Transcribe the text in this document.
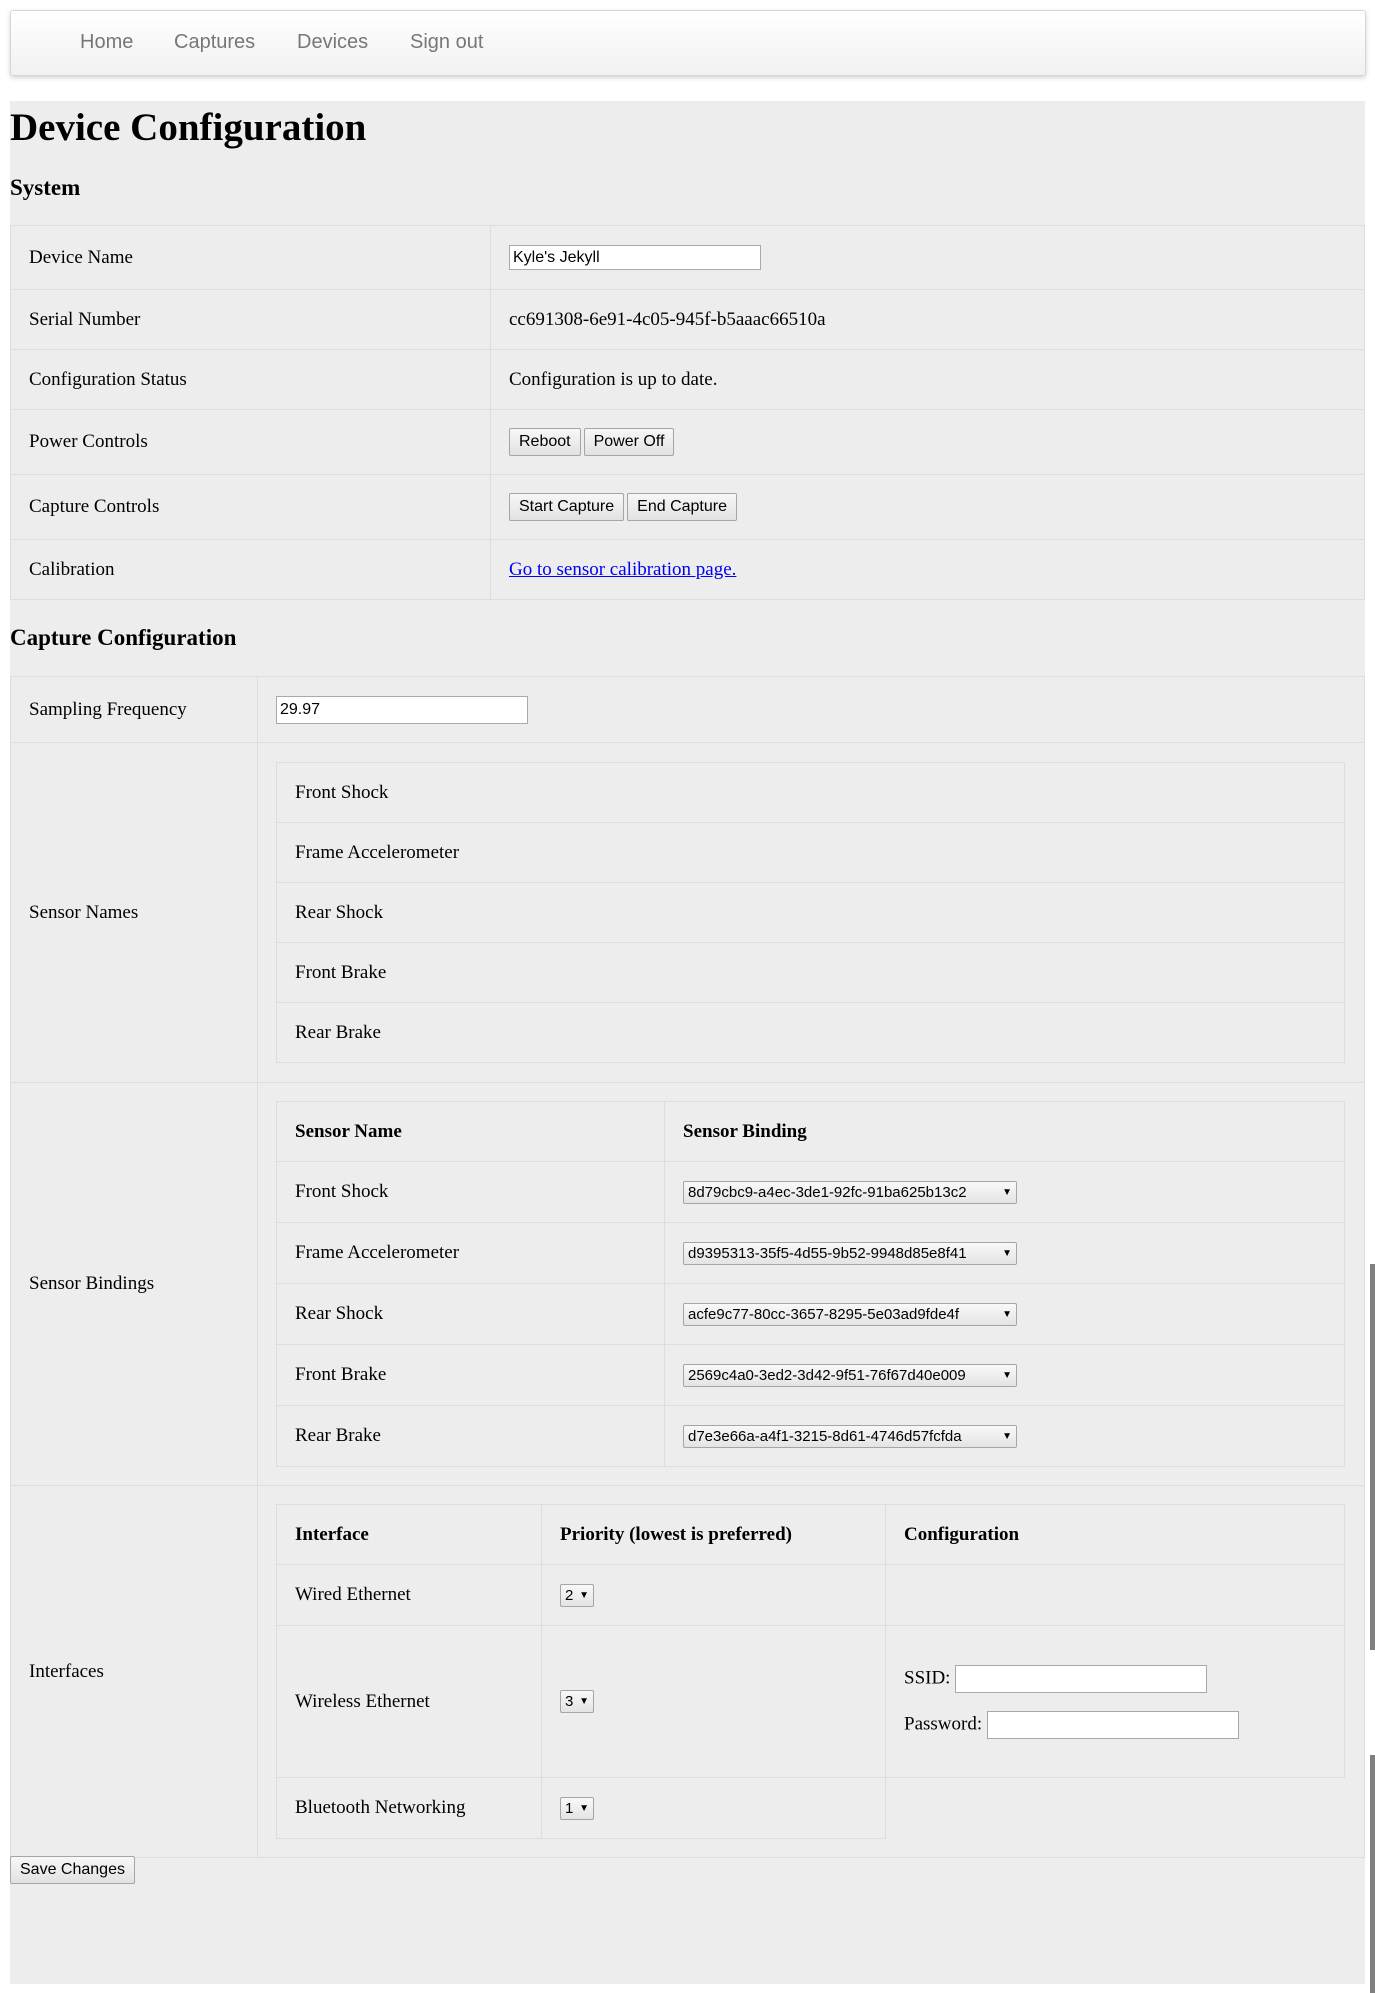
Home Captures Devices Sign out
Device Configuration
System
Device Name	Kyle's Jekyll
Serial Number	cc691308-6e91-4c05-945f-b5aaac66510a
Configuration Status	Configuration is up to date.
Power Controls	Reboot Power Off
Capture Controls	Start Capture End Capture
Calibration	Go to sensor calibration page.
Capture Configuration
Sampling Frequency	29.97
Sensor Names	
Front Shock
Frame Accelerometer
Rear Shock
Front Brake
Rear Brake

Sensor Bindings	
Sensor Name	Sensor Binding
Front Shock	8d79cbc9-a4ec-3de1-92fc-91ba625b13c2	▼

Frame Accelerometer	d9395313-35f5-4d55-9b52-9948d85e8f41	▼

Rear Shock	acfe9c77-80cc-3657-8295-5e03ad9fde4f	▼

Front Brake	2569c4a0-3ed2-3d42-9f51-76f67d40e009	▼

Rear Brake	d7e3e66a-a4f1-3215-8d61-4746d57fcfda	▼

Interfaces	
Interface	Priority (lowest is preferred)	Configuration
Wired Ethernet	2 ▼

Wireless Ethernet	3 ▼

SSID:
Password:

Bluetooth Networking	1 ▼

Save Changes
